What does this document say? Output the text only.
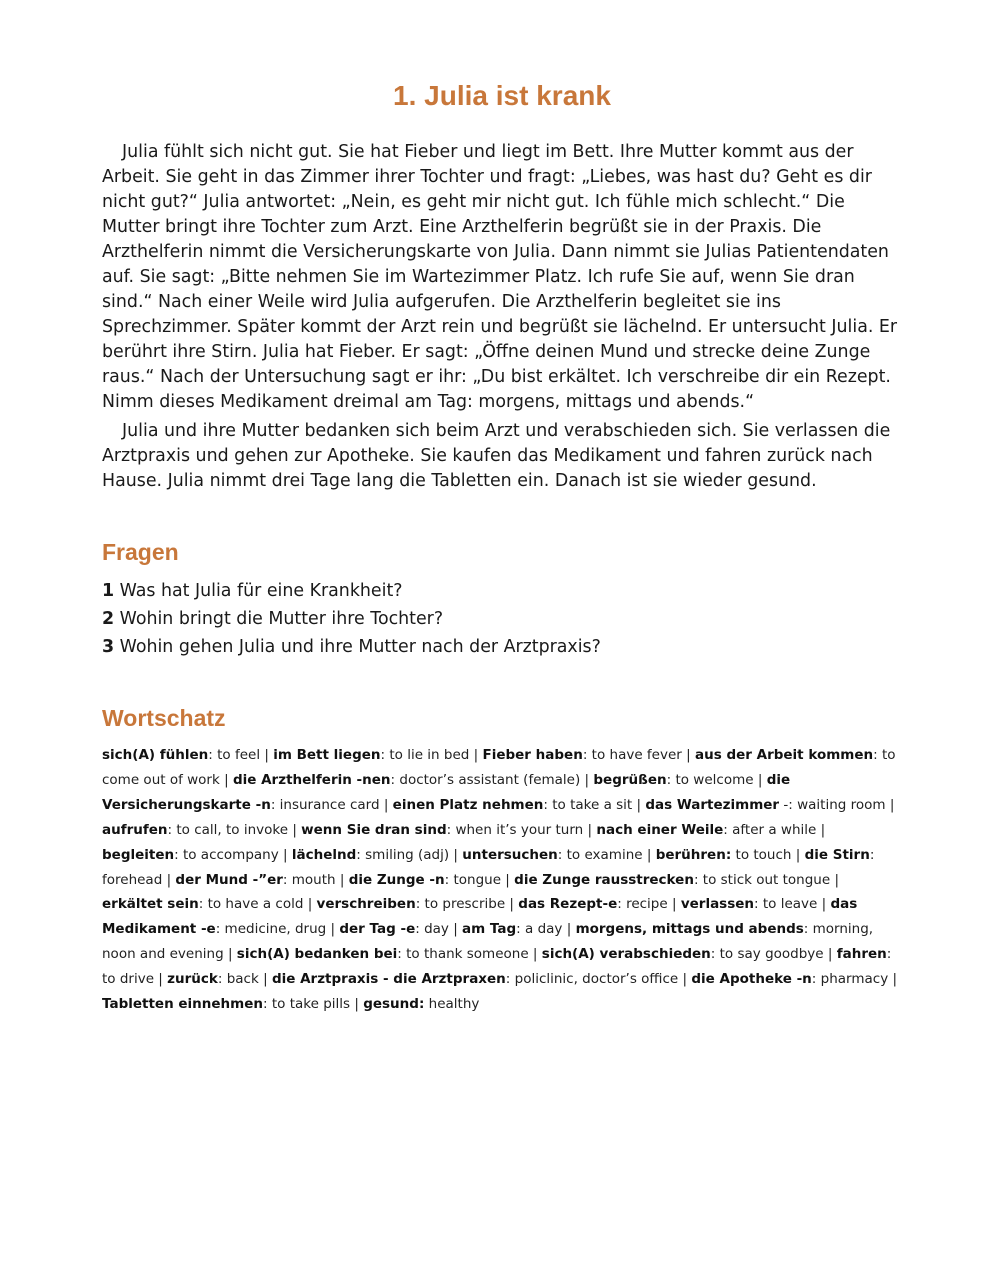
1. Julia ist krank

Julia fühlt sich nicht gut. Sie hat Fieber und liegt im Bett. Ihre Mutter kommt aus der Arbeit. Sie geht in das Zimmer ihrer Tochter und fragt: „Liebes, was hast du? Geht es dir nicht gut?“ Julia antwortet: „Nein, es geht mir nicht gut. Ich fühle mich schlecht.“ Die Mutter bringt ihre Tochter zum Arzt. Eine Arzthelferin begrüßt sie in der Praxis. Die Arzthelferin nimmt die Versicherungskarte von Julia. Dann nimmt sie Julias Patientendaten auf. Sie sagt: „Bitte nehmen Sie im Wartezimmer Platz. Ich rufe Sie auf, wenn Sie dran sind.“ Nach einer Weile wird Julia aufgerufen. Die Arzthelferin begleitet sie ins Sprechzimmer. Später kommt der Arzt rein und begrüßt sie lächelnd. Er untersucht Julia. Er berührt ihre Stirn. Julia hat Fieber. Er sagt: „Öffne deinen Mund und strecke deine Zunge raus.“ Nach der Untersuchung sagt er ihr: „Du bist erkältet. Ich verschreibe dir ein Rezept. Nimm dieses Medikament dreimal am Tag: morgens, mittags und abends.“

Julia und ihre Mutter bedanken sich beim Arzt und verabschieden sich. Sie verlassen die Arztpraxis und gehen zur Apotheke. Sie kaufen das Medikament und fahren zurück nach Hause. Julia nimmt drei Tage lang die Tabletten ein. Danach ist sie wieder gesund.

Fragen
1 Was hat Julia für eine Krankheit?
2 Wohin bringt die Mutter ihre Tochter?
3 Wohin gehen Julia und ihre Mutter nach der Arztpraxis?
Wortschatz

sich(A) fühlen: to feel | im Bett liegen: to lie in bed | Fieber haben: to have fever | aus der Arbeit kommen: to come out of work | die Arzthelferin -nen: doctor’s assistant (female) | begrüßen: to welcome | die Versicherungskarte -n: insurance card | einen Platz nehmen: to take a sit | das Wartezimmer -: waiting room | aufrufen: to call, to invoke | wenn Sie dran sind: when it’s your turn | nach einer Weile: after a while | begleiten: to accompany | lächelnd: smiling (adj) | untersuchen: to examine | berühren: to touch | die Stirn: forehead | der Mund -”er: mouth | die Zunge -n: tongue | die Zunge rausstrecken: to stick out tongue | erkältet sein: to have a cold | verschreiben: to prescribe | das Rezept-e: recipe | verlassen: to leave | das Medikament -e: medicine, drug | der Tag -e: day | am Tag: a day | morgens, mittags und abends: morning, noon and evening | sich(A) bedanken bei: to thank someone | sich(A) verabschieden: to say goodbye | fahren: to drive | zurück: back | die Arztpraxis - die Arztpraxen: policlinic, doctor’s office | die Apotheke -n: pharmacy | Tabletten einnehmen: to take pills | gesund: healthy
